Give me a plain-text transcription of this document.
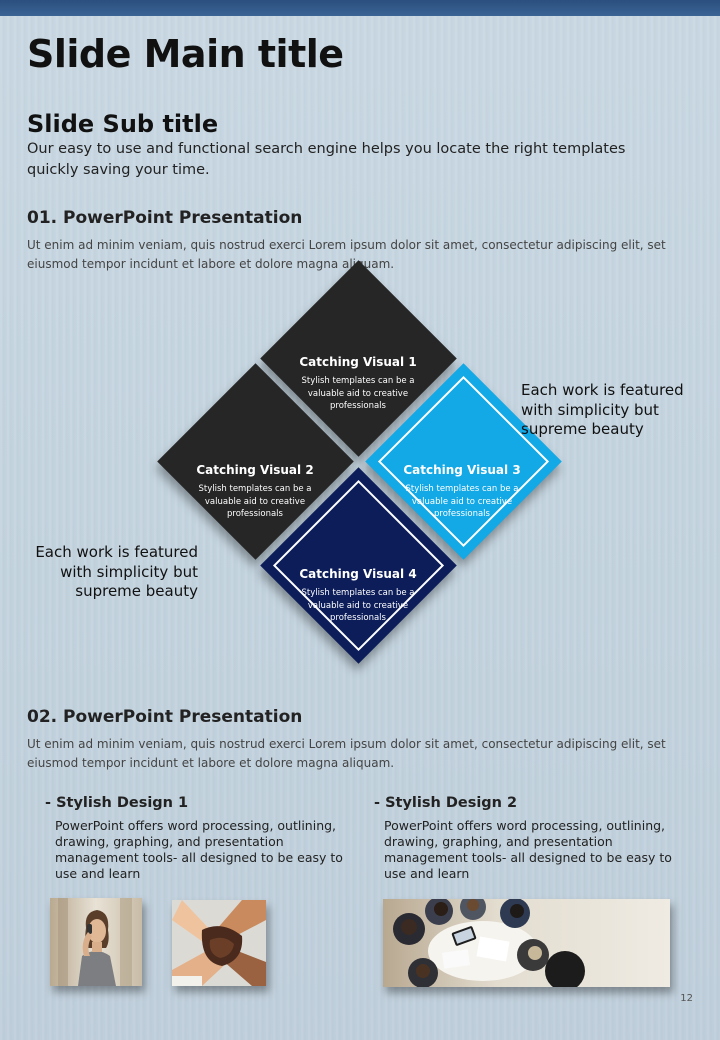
Slide Main title
Slide Sub title
Our easy to use and functional search engine helps you locate the right templates quickly saving your time.
01. PowerPoint Presentation
Ut enim ad minim veniam, quis nostrud exerci Lorem ipsum dolor sit amet, consectetur adipiscing elit, set eiusmod tempor incidunt et labore et dolore magna aliquam.
Catching Visual 1
Stylish templates can be a valuable aid to creative professionals
Catching Visual 2
Stylish templates can be a valuable aid to creative professionals
Catching Visual 3
Stylish templates can be a valuable aid to creative professionals
Catching Visual 4
Stylish templates can be a valuable aid to creative professionals
Each work is featured with simplicity but supreme beauty
Each work is featured with simplicity but supreme beauty
02. PowerPoint Presentation
Ut enim ad minim veniam, quis nostrud exerci Lorem ipsum dolor sit amet, consectetur adipiscing elit, set eiusmod tempor incidunt et labore et dolore magna aliquam.
- Stylish Design 1
PowerPoint offers word processing, outlining, drawing, graphing, and presentation management tools- all designed to be easy to use and learn
- Stylish Design 2
PowerPoint offers word processing, outlining, drawing, graphing, and presentation management tools- all designed to be easy to use and learn
12
